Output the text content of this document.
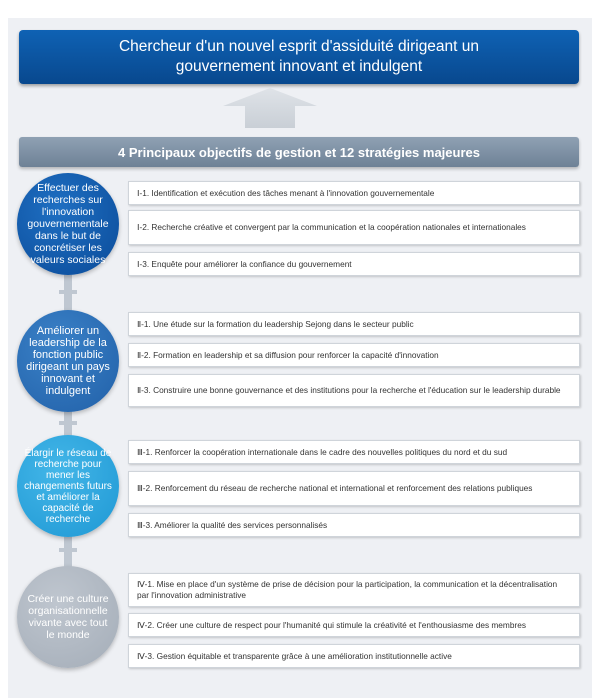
Chercheur d'un nouvel esprit d'assiduité dirigeant un gouvernement innovant et indulgent
4 Principaux objectifs de gestion et 12 stratégies majeures
Effectuer des recherches sur l'innovation gouvernementale dans le but de concrétiser les valeurs sociales
Améliorer un leadership de la fonction public dirigeant un pays innovant et indulgent
Élargir le réseau de recherche pour mener les changements futurs et améliorer la capacité de recherche
Créer une culture organisationnelle vivante avec tout le monde
Ⅰ-1. Identification et exécution des tâches menant à l'innovation gouvernementale
Ⅰ-2. Recherche créative et convergent par la communication et la coopération nationales et internationales
Ⅰ-3. Enquête pour améliorer la confiance du gouvernement
Ⅱ-1. Une étude sur la formation du leadership Sejong dans le secteur public
Ⅱ-2. Formation en leadership et sa diffusion pour renforcer la capacité d'innovation
Ⅱ-3. Construire une bonne gouvernance et des institutions pour la recherche et l'éducation sur le leadership durable
Ⅲ-1. Renforcer la coopération internationale dans le cadre des nouvelles politiques du nord et du sud
Ⅲ-2. Renforcement du réseau de recherche national et international et renforcement des relations publiques
Ⅲ-3. Améliorer la qualité des services personnalisés
Ⅳ-1. Mise en place d'un système de prise de décision pour la participation, la communication et la décentralisation par l'innovation administrative
Ⅳ-2. Créer une culture de respect pour l'humanité qui stimule la créativité et l'enthousiasme des membres
Ⅳ-3. Gestion équitable et transparente grâce à une amélioration institutionnelle active
